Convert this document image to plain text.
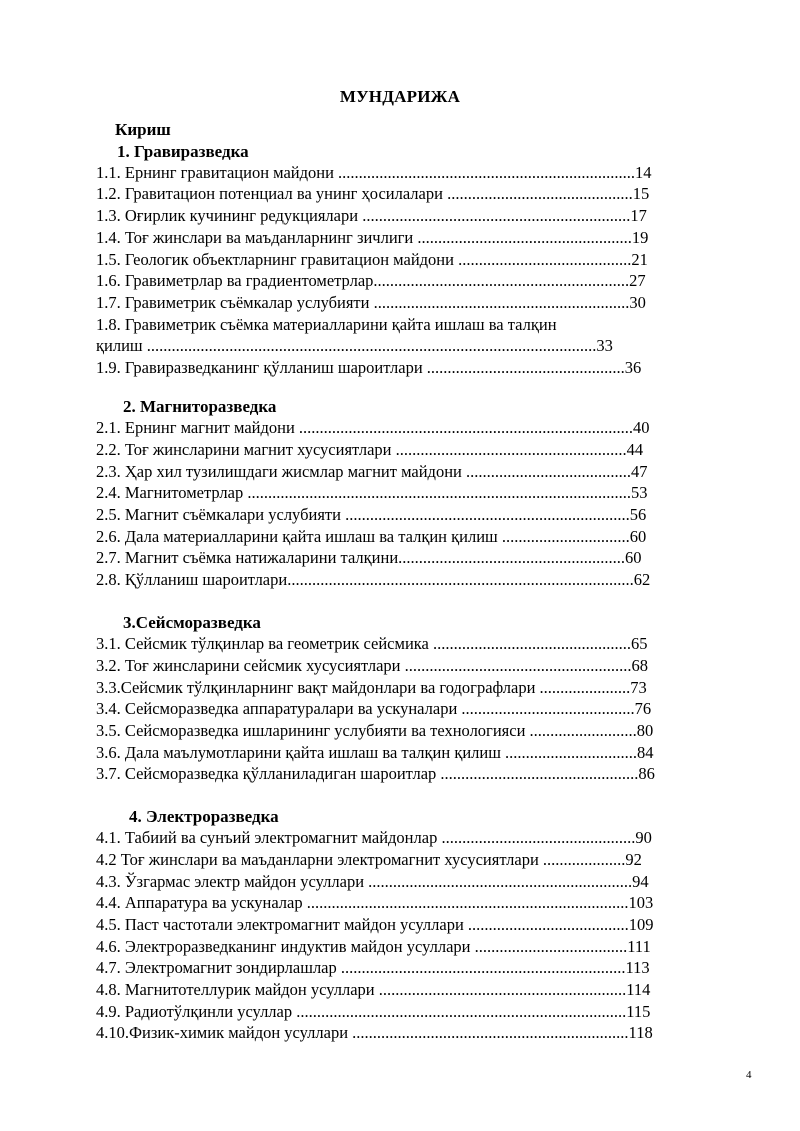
МУНДАРИЖА
Кириш
1. Гравиразведка
1.1. Ернинг гравитацион майдони ........................................................................14
1.2. Гравитацион потенциал ва унинг ҳосилалари .............................................15
1.3. Оғирлик кучининг редукциялари .................................................................17
1.4. Тоғ жинслари ва маъданларнинг зичлиги ....................................................19
1.5. Геологик объектларнинг гравитацион майдони ..........................................21
1.6. Гравиметрлар ва градиентометрлар..............................................................27
1.7. Гравиметрик съёмкалар услубияти ..............................................................30
1.8. Гравиметрик съёмка материалларини қайта ишлаш ва талқин
қилиш .............................................................................................................33
1.9. Гравиразведканинг қўлланиш шароитлари ................................................36
2. Магниторазведка
2.1. Ернинг магнит майдони .................................................................................40
2.2. Тоғ жинсларини магнит хусусиятлари ........................................................44
2.3. Ҳар хил тузилишдаги жисмлар магнит майдони ........................................47
2.4. Магнитометрлар .............................................................................................53
2.5. Магнит съёмкалари услубияти .....................................................................56
2.6. Дала материалларини қайта ишлаш ва талқин қилиш ...............................60
2.7. Магнит съёмка натижаларини талқини.......................................................60
2.8. Қўлланиш шароитлари....................................................................................62
3.Сейсморазведка
3.1. Сейсмик тўлқинлар ва геометрик сейсмика ................................................65
3.2. Тоғ жинсларини сейсмик хусусиятлари .......................................................68
3.3.Сейсмик тўлқинларнинг вақт майдонлари ва годографлари ......................73
3.4. Сейсморазведка аппаратуралари ва ускуналари ..........................................76
3.5. Сейсморазведка ишларининг услубияти ва технологияси ..........................80
3.6. Дала маълумотларини қайта ишлаш ва талқин қилиш ................................84
3.7. Сейсморазведка қўлланиладиган шароитлар ................................................86
4. Электроразведка
4.1. Табиий ва сунъий электромагнит майдонлар ...............................................90
4.2 Тоғ жинслари ва маъданларни электромагнит хусусиятлари ....................92
4.3. Ўзгармас электр майдон усуллари ................................................................94
4.4. Аппаратура ва ускуналар ..............................................................................103
4.5. Паст частотали электромагнит майдон усуллари .......................................109
4.6. Электроразведканинг индуктив майдон усуллари .....................................111
4.7. Электромагнит зондирлашлар .....................................................................113
4.8. Магнитотеллурик майдон усуллари ............................................................114
4.9. Радиотўлқинли усуллар ................................................................................115
4.10.Физик-химик майдон усуллари ...................................................................118
4
